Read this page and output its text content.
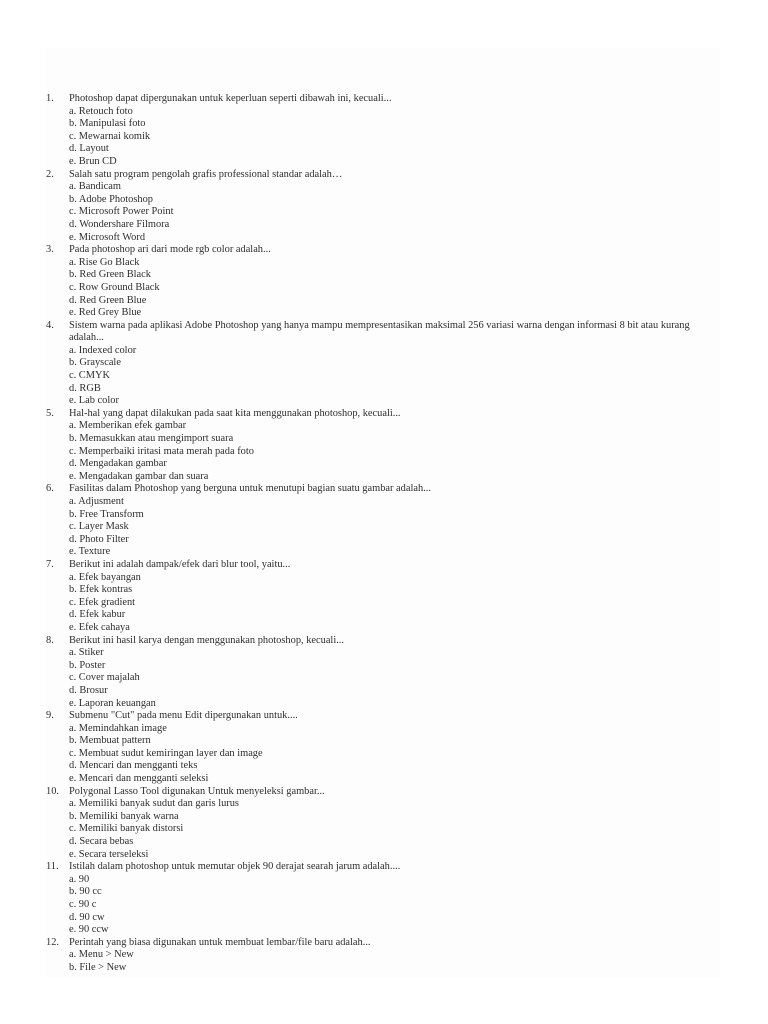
1.	Photoshop dapat dipergunakan untuk keperluan seperti dibawah ini, kecuali...
a. Retouch foto
b. Manipulasi foto
c. Mewarnai komik
d. Layout
e. Brun CD
2.	Salah satu program pengolah grafis professional standar adalah…
a. Bandicam
b. Adobe Photoshop
c. Microsoft Power Point
d. Wondershare Filmora
e. Microsoft Word
3.	Pada photoshop ari dari mode rgb color adalah...
a. Rise Go Black
b. Red Green Black
c. Row Ground Black
d. Red Green Blue
e. Red Grey Blue
4.	Sistem warna pada aplikasi Adobe Photoshop yang hanya mampu mempresentasikan maksimal 256 variasi warna dengan informasi 8 bit atau kurang adalah...
a. Indexed color
b. Grayscale
c. CMYK
d. RGB
e. Lab color
5.	Hal-hal yang dapat dilakukan pada saat kita menggunakan photoshop, kecuali...
a. Memberikan efek gambar
b. Memasukkan atau mengimport suara
c. Memperbaiki iritasi mata merah pada foto
d. Mengadakan gambar
e. Mengadakan gambar dan suara
6.	Fasilitas dalam Photoshop yang berguna untuk menutupi bagian suatu gambar adalah...
a. Adjusment
b. Free Transform
c. Layer Mask
d. Photo Filter
e. Texture
7.	Berikut ini adalah dampak/efek dari blur tool, yaitu...
a. Efek bayangan
b. Efek kontras
c. Efek gradient
d. Efek kabur
e. Efek cahaya
8.	Berikut ini hasil karya dengan menggunakan photoshop, kecuali...
a. Stiker
b. Poster
c. Cover majalah
d. Brosur
e. Laporan keuangan
9.	Submenu "Cut" pada menu Edit dipergunakan untuk....
a. Memindahkan image
b. Membuat pattern
c. Membuat sudut kemiringan layer dan image
d. Mencari dan mengganti teks
e. Mencari dan mengganti seleksi
10. Polygonal Lasso Tool digunakan Untuk menyeleksi gambar...
a. Memiliki banyak sudut dan garis lurus
b. Memiliki banyak warna
c. Memiliki banyak distorsi
d. Secara bebas
e. Secara terseleksi
11. Istilah dalam photoshop untuk memutar objek 90 derajat searah jarum adalah....
a. 90
b. 90 cc
c. 90 c
d. 90 cw
e. 90 ccw
12. Perintah yang biasa digunakan untuk membuat lembar/file baru adalah...
a. Menu > New
b. File > New
